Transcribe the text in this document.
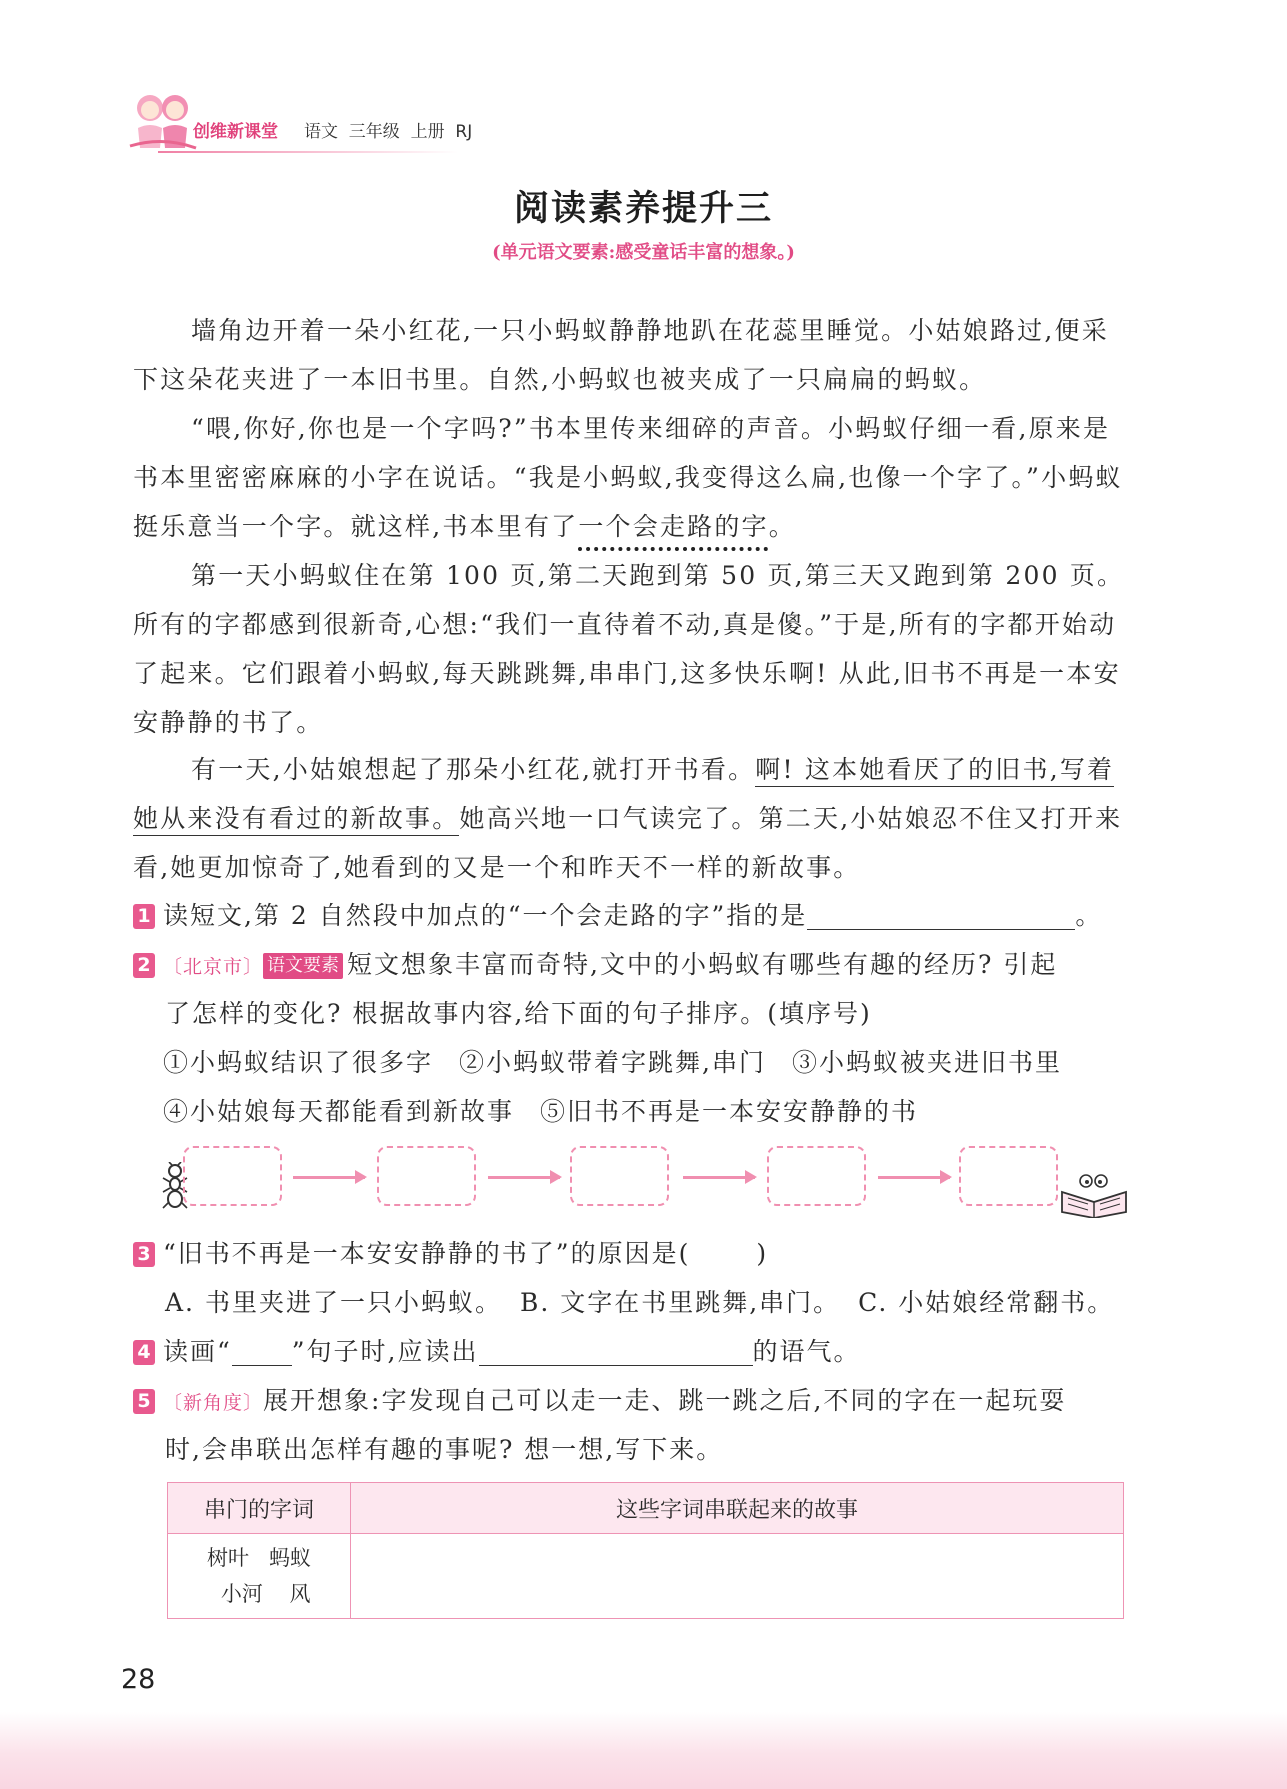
创维新课堂 语文  三年级  上册  RJ
阅读素养提升三
(单元语文要素:感受童话丰富的想象。)

墙角边开着一朵小红花,一只小蚂蚁静静地趴在花蕊里睡觉。小姑娘路过,便采下这朵花夹进了一本旧书里。自然,小蚂蚁也被夹成了一只扁扁的蚂蚁。

“喂,你好,你也是一个字吗?”书本里传来细碎的声音。小蚂蚁仔细一看,原来是书本里密密麻麻的小字在说话。“我是小蚂蚁,我变得这么扁,也像一个字了。”小蚂蚁挺乐意当一个字。就这样,书本里有了一个会走路的字。

第一天小蚂蚁住在第 100 页,第二天跑到第 50 页,第三天又跑到第 200 页。所有的字都感到很新奇,心想:“我们一直待着不动,真是傻。”于是,所有的字都开始动了起来。它们跟着小蚂蚁,每天跳跳舞,串串门,这多快乐啊! 从此,旧书不再是一本安安静静的书了。

有一天,小姑娘想起了那朵小红花,就打开书看。啊! 这本她看厌了的旧书,写着她从来没有看过的新故事。她高兴地一口气读完了。第二天,小姑娘忍不住又打开来看,她更加惊奇了,她看到的又是一个和昨天不一样的新故事。

1 读短文,第 2 自然段中加点的“一个会走路的字”指的是	。
2 〔北京市〕 语文要素 短文想象丰富而奇特,文中的小蚂蚁有哪些有趣的经历? 引起
了怎样的变化? 根据故事内容,给下面的句子排序。(填序号)
①小蚂蚁结识了很多字 ②小蚂蚁带着字跳舞,串门 ③小蚂蚁被夹进旧书里
④小姑娘每天都能看到新故事 ⑤旧书不再是一本安安静静的书
3 “旧书不再是一本安安静静的书了”的原因是(	)
A. 书里夹进了一只小蚂蚁。 B. 文字在书里跳舞,串门。 C. 小姑娘经常翻书。
4 读画“ ”句子时,应读出	的语气。
5 〔新角度〕展开想象:字发现自己可以走一走、跳一跳之后,不同的字在一起玩耍
时,会串联出怎样有趣的事呢? 想一想,写下来。
串门的字词	这些字词串联起来的故事
树叶   蚂蚁
小河    风	
28
